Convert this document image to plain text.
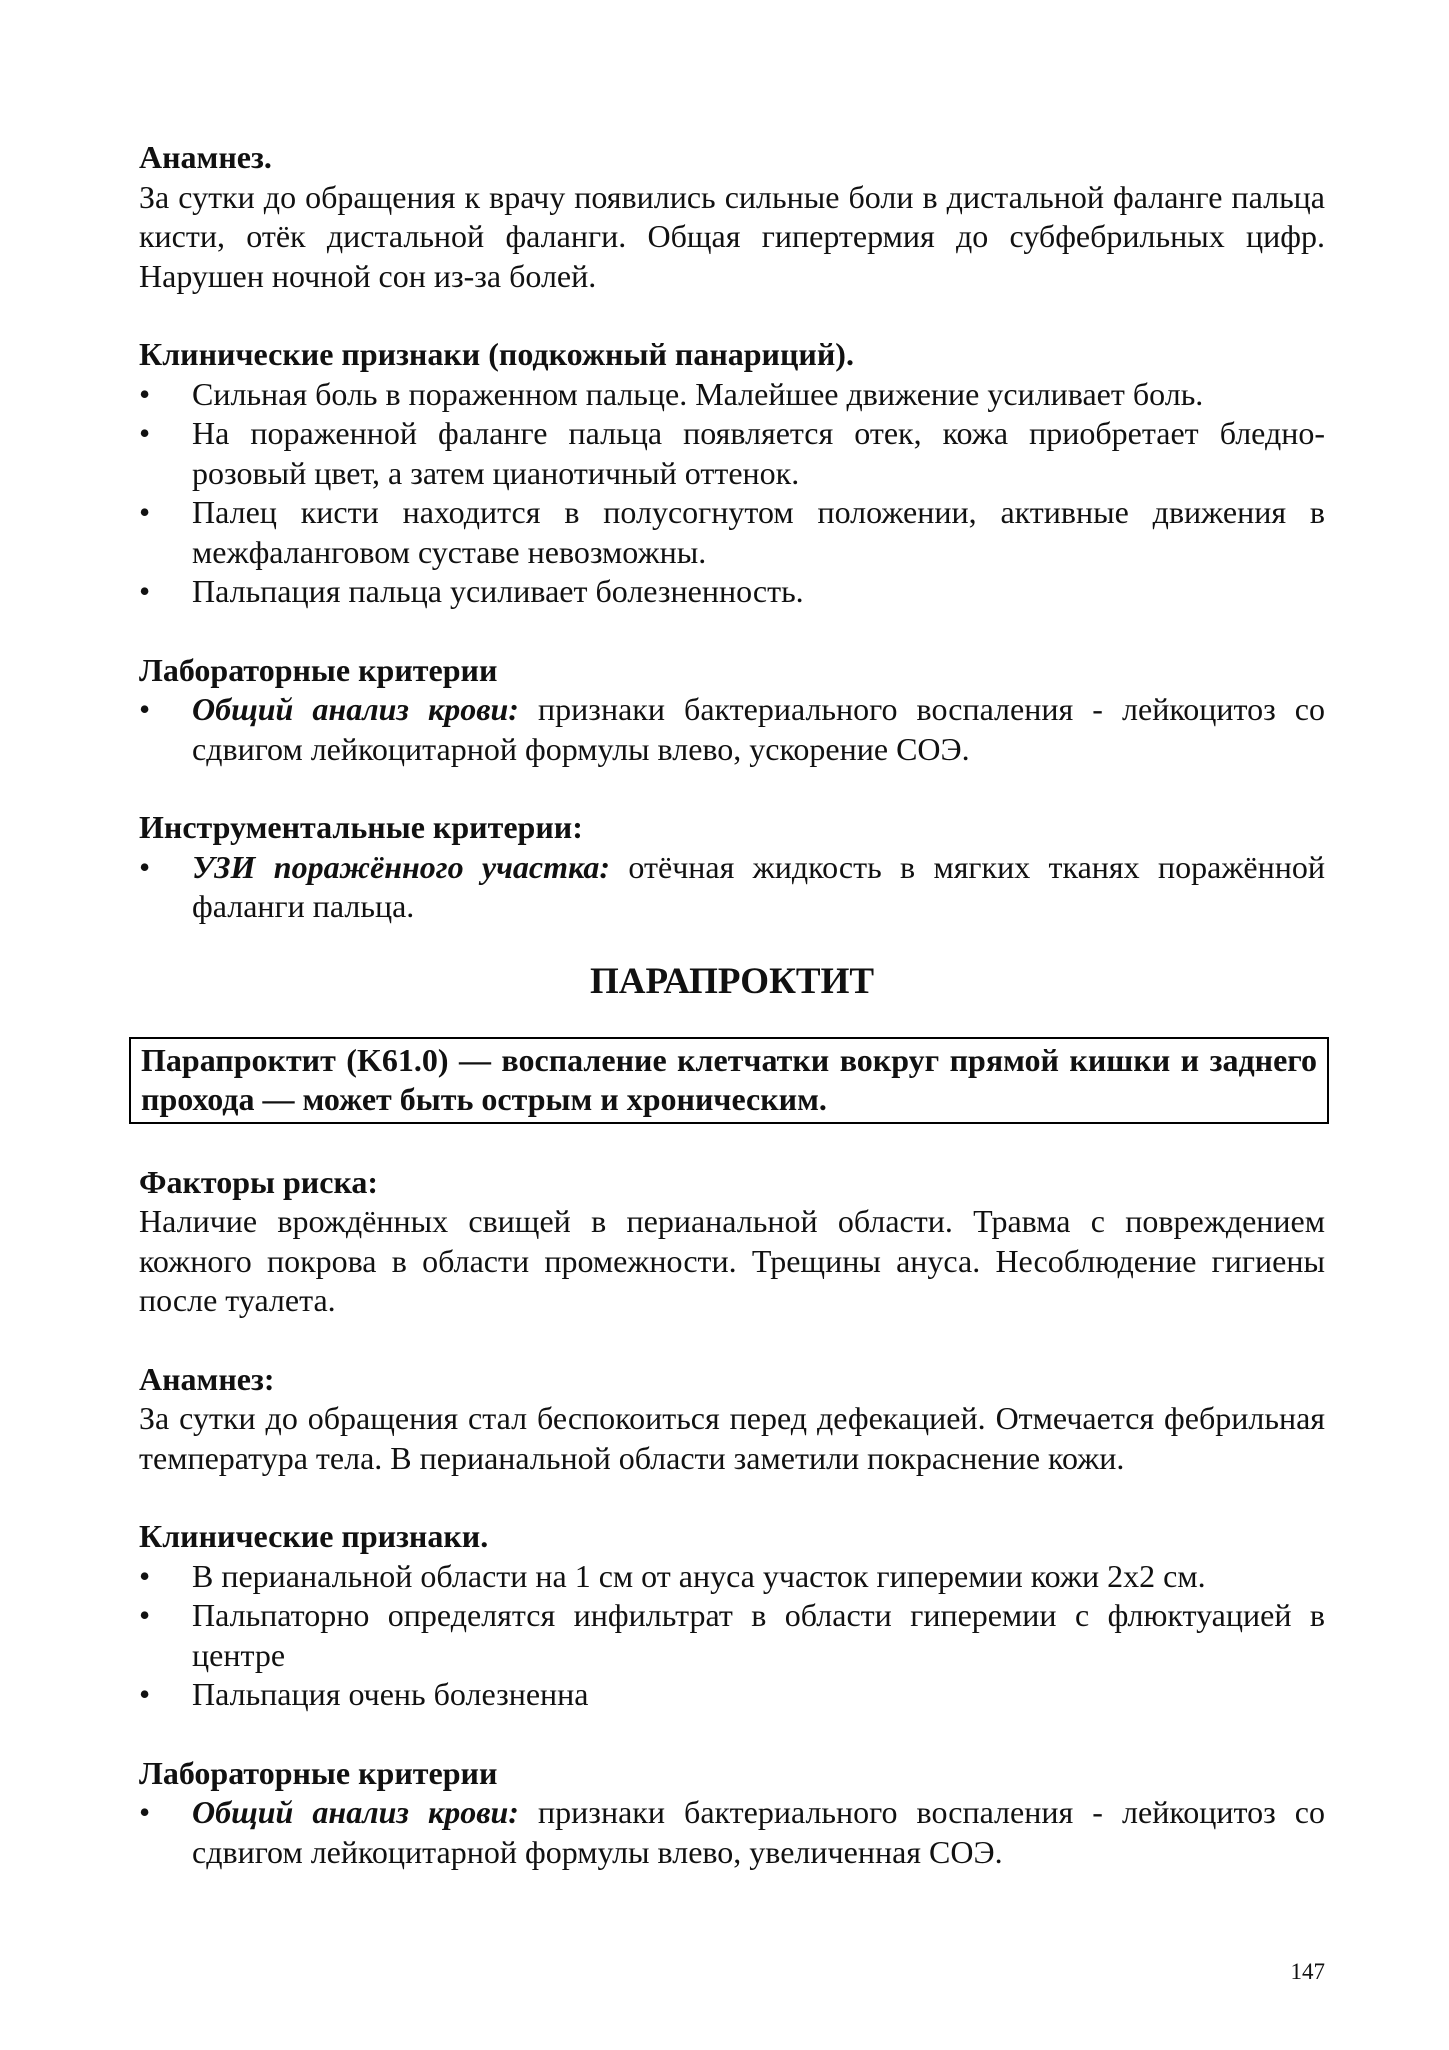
Анамнез.

За сутки до обращения к врачу появились сильные боли в дистальной фаланге пальца кисти, отёк дистальной фаланги. Общая гипертермия до субфебрильных цифр. Нарушен ночной сон из-за болей.

Клинические признаки (подкожный панариций).

•	Сильная боль в пораженном пальце. Малейшее движение усиливает боль.
•	На пораженной фаланге пальца появляется отек, кожа приобретает бледно-розовый цвет, а затем цианотичный оттенок.
•	Палец кисти находится в полусогнутом положении, активные движения в межфаланговом суставе невозможны.
•	Пальпация пальца усиливает болезненность.

Лабораторные критерии

•	Общий анализ крови: признаки бактериального воспаления - лейкоцитоз со сдвигом лейкоцитарной формулы влево, ускорение СОЭ.

Инструментальные критерии:

•	УЗИ поражённого участка: отёчная жидкость в мягких тканях поражённой фаланги пальца.
ПАРАПРОКТИТ
Парапроктит (K61.0) — воспаление клетчатки вокруг прямой кишки и заднего прохода — может быть острым и хроническим.

Факторы риска:

Наличие врождённых свищей в перианальной области. Травма с повреждением кожного покрова в области промежности. Трещины ануса. Несоблюдение гигиены после туалета.

Анамнез:

За сутки до обращения стал беспокоиться перед дефекацией. Отмечается фебрильная температура тела. В перианальной области заметили покраснение кожи.

Клинические признаки.

•	В перианальной области на 1 см от ануса участок гиперемии кожи 2х2 см.
•	Пальпаторно определятся инфильтрат в области гиперемии с флюктуацией в центре
•	Пальпация очень болезненна

Лабораторные критерии

•	Общий анализ крови: признаки бактериального воспаления - лейкоцитоз со сдвигом лейкоцитарной формулы влево, увеличенная СОЭ.
147
